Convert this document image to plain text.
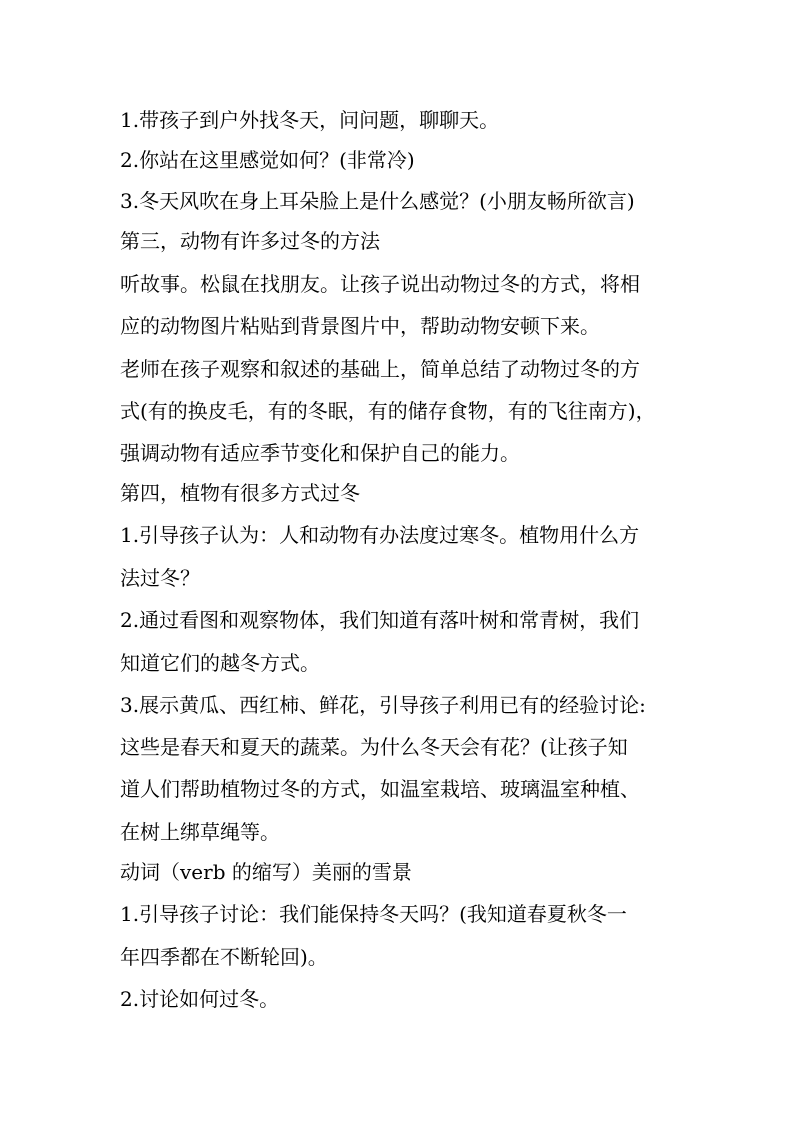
1.带孩子到户外找冬天，问问题，聊聊天。
2.你站在这里感觉如何？(非常冷)
3.冬天风吹在身上耳朵脸上是什么感觉？(小朋友畅所欲言)
第三，动物有许多过冬的方法
听故事。松鼠在找朋友。让孩子说出动物过冬的方式，将相
应的动物图片粘贴到背景图片中，帮助动物安顿下来。
老师在孩子观察和叙述的基础上，简单总结了动物过冬的方
式(有的换皮毛，有的冬眠，有的储存食物，有的飞往南方)，
强调动物有适应季节变化和保护自己的能力。
第四，植物有很多方式过冬
1.引导孩子认为：人和动物有办法度过寒冬。植物用什么方
法过冬？
2.通过看图和观察物体，我们知道有落叶树和常青树，我们
知道它们的越冬方式。
3.展示黄瓜、西红柿、鲜花，引导孩子利用已有的经验讨论:
这些是春天和夏天的蔬菜。为什么冬天会有花？(让孩子知
道人们帮助植物过冬的方式，如温室栽培、玻璃温室种植、
在树上绑草绳等。
动词（verb 的缩写）美丽的雪景
1.引导孩子讨论：我们能保持冬天吗？(我知道春夏秋冬一
年四季都在不断轮回)。
2.讨论如何过冬。
